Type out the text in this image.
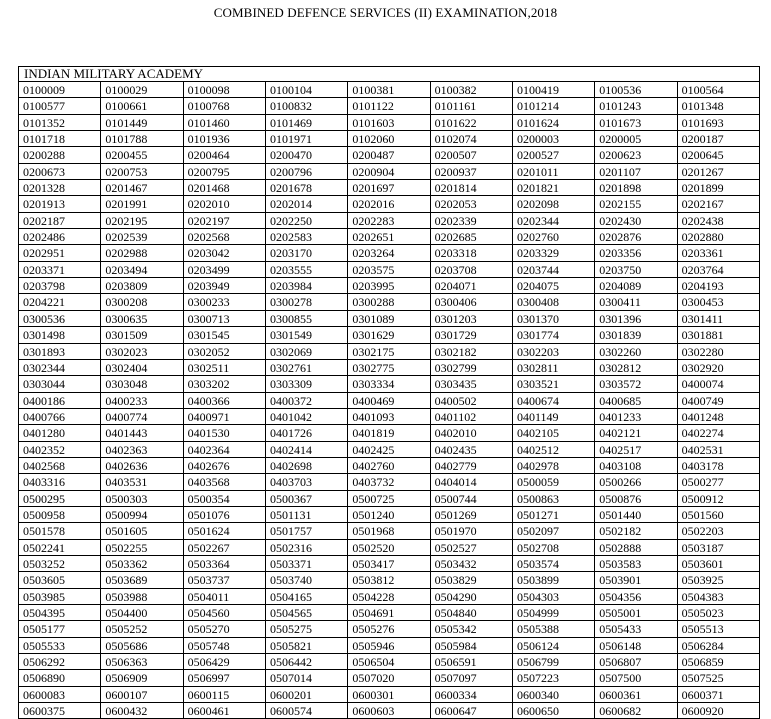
COMBINED DEFENCE SERVICES (II) EXAMINATION,2018
INDIAN MILITARY ACADEMY
0100009	0100029	0100098	0100104	0100381	0100382	0100419	0100536	0100564
0100577	0100661	0100768	0100832	0101122	0101161	0101214	0101243	0101348
0101352	0101449	0101460	0101469	0101603	0101622	0101624	0101673	0101693
0101718	0101788	0101936	0101971	0102060	0102074	0200003	0200005	0200187
0200288	0200455	0200464	0200470	0200487	0200507	0200527	0200623	0200645
0200673	0200753	0200795	0200796	0200904	0200937	0201011	0201107	0201267
0201328	0201467	0201468	0201678	0201697	0201814	0201821	0201898	0201899
0201913	0201991	0202010	0202014	0202016	0202053	0202098	0202155	0202167
0202187	0202195	0202197	0202250	0202283	0202339	0202344	0202430	0202438
0202486	0202539	0202568	0202583	0202651	0202685	0202760	0202876	0202880
0202951	0202988	0203042	0203170	0203264	0203318	0203329	0203356	0203361
0203371	0203494	0203499	0203555	0203575	0203708	0203744	0203750	0203764
0203798	0203809	0203949	0203984	0203995	0204071	0204075	0204089	0204193
0204221	0300208	0300233	0300278	0300288	0300406	0300408	0300411	0300453
0300536	0300635	0300713	0300855	0301089	0301203	0301370	0301396	0301411
0301498	0301509	0301545	0301549	0301629	0301729	0301774	0301839	0301881
0301893	0302023	0302052	0302069	0302175	0302182	0302203	0302260	0302280
0302344	0302404	0302511	0302761	0302775	0302799	0302811	0302812	0302920
0303044	0303048	0303202	0303309	0303334	0303435	0303521	0303572	0400074
0400186	0400233	0400366	0400372	0400469	0400502	0400674	0400685	0400749
0400766	0400774	0400971	0401042	0401093	0401102	0401149	0401233	0401248
0401280	0401443	0401530	0401726	0401819	0402010	0402105	0402121	0402274
0402352	0402363	0402364	0402414	0402425	0402435	0402512	0402517	0402531
0402568	0402636	0402676	0402698	0402760	0402779	0402978	0403108	0403178
0403316	0403531	0403568	0403703	0403732	0404014	0500059	0500266	0500277
0500295	0500303	0500354	0500367	0500725	0500744	0500863	0500876	0500912
0500958	0500994	0501076	0501131	0501240	0501269	0501271	0501440	0501560
0501578	0501605	0501624	0501757	0501968	0501970	0502097	0502182	0502203
0502241	0502255	0502267	0502316	0502520	0502527	0502708	0502888	0503187
0503252	0503362	0503364	0503371	0503417	0503432	0503574	0503583	0503601
0503605	0503689	0503737	0503740	0503812	0503829	0503899	0503901	0503925
0503985	0503988	0504011	0504165	0504228	0504290	0504303	0504356	0504383
0504395	0504400	0504560	0504565	0504691	0504840	0504999	0505001	0505023
0505177	0505252	0505270	0505275	0505276	0505342	0505388	0505433	0505513
0505533	0505686	0505748	0505821	0505946	0505984	0506124	0506148	0506284
0506292	0506363	0506429	0506442	0506504	0506591	0506799	0506807	0506859
0506890	0506909	0506997	0507014	0507020	0507097	0507223	0507500	0507525
0600083	0600107	0600115	0600201	0600301	0600334	0600340	0600361	0600371
0600375	0600432	0600461	0600574	0600603	0600647	0600650	0600682	0600920
